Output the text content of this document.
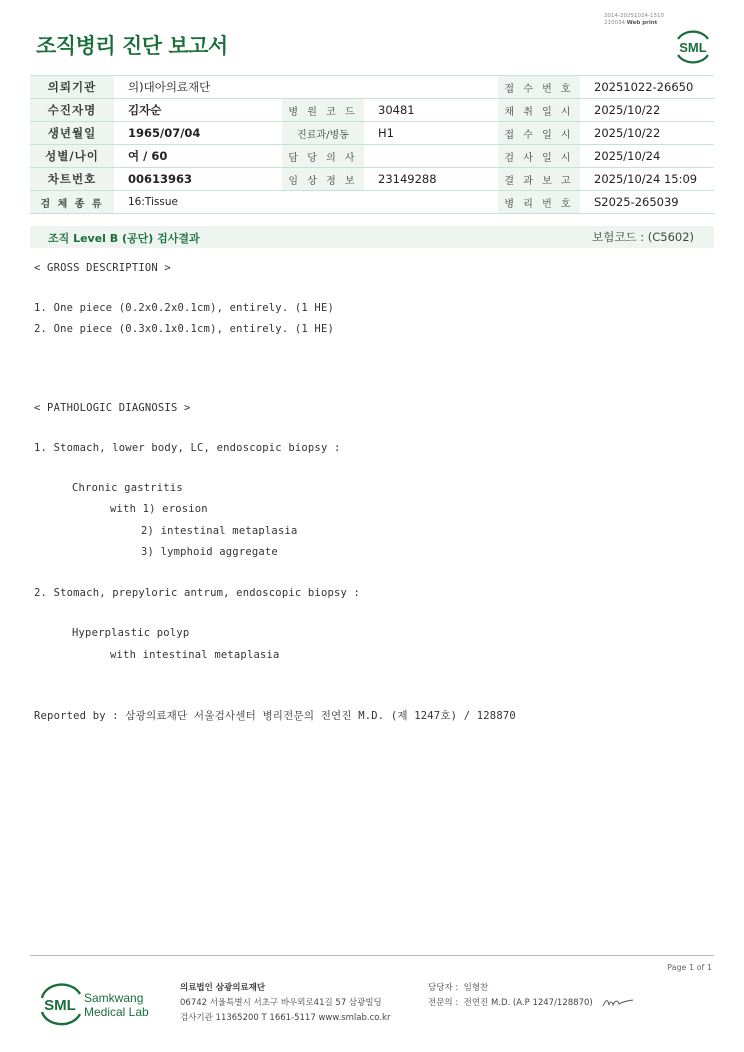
조직병리 진단 보고서
3014-20251024-1510
210034 Web print
SML
의뢰기관	의)대아의료재단			접 수 번 호	20251022-26650
수진자명	김자순	병 원 코 드	30481	채 취 일 시	2025/10/22
생년월일	1965/07/04	진료과/병동	H1	접 수 일 시	2025/10/22
성별/나이	여 / 60	담 당 의 사		검 사 일 시	2025/10/24
차트번호	00613963	임 상 정 보	23149288	결 과 보 고	2025/10/24 15:09
검 체 종 류	16:Tissue			병 리 번 호	S2025-265039
조직 Level B (공단) 검사결과	보험코드 : (C5602)
< GROSS DESCRIPTION >
1. One piece (0.2x0.2x0.1cm), entirely. (1 HE)
2. One piece (0.3x0.1x0.1cm), entirely. (1 HE)
< PATHOLOGIC DIAGNOSIS >
1. Stomach, lower body, LC, endoscopic biopsy :
Chronic gastritis
with 1) erosion
2) intestinal metaplasia
3) lymphoid aggregate
2. Stomach, prepyloric antrum, endoscopic biopsy :
Hyperplastic polyp
with intestinal metaplasia
Reported by : 삼광의료재단 서울검사센터 병리전문의 전연진 M.D. (제 1247호) / 128870
Page 1 of 1
SML Samkwang
Medical Lab
의료법인 삼광의료재단
06742 서울특별시 서초구 바우뫼로41길 57 삼광빌딩
검사기관 11365200 T 1661-5117 www.smlab.co.kr
담당자 : 임형찬
전문의 : 전연진 M.D. (A.P 1247/128870)
